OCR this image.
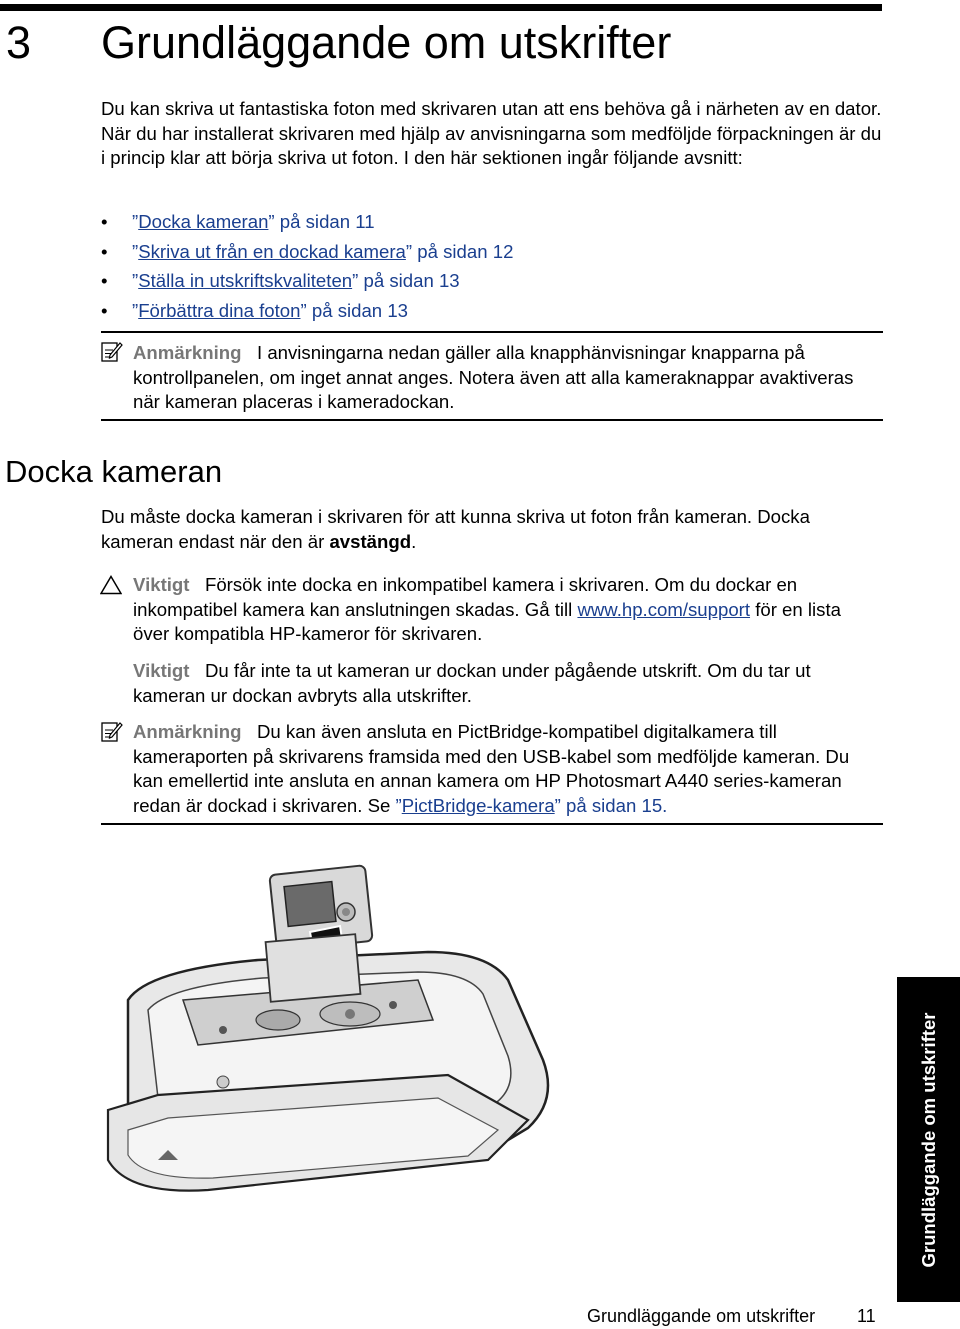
3 Grundläggande om utskrifter
Du kan skriva ut fantastiska foton med skrivaren utan att ens behöva gå i närheten av en dator. När du har installerat skrivaren med hjälp av anvisningarna som medföljde förpackningen är du i princip klar att börja skriva ut foton. I den här sektionen ingår följande avsnitt:
• ”Docka kameran” på sidan 11
• ”Skriva ut från en dockad kamera” på sidan 12
• ”Ställa in utskriftskvaliteten” på sidan 13
• ”Förbättra dina foton” på sidan 13
Anmärkning I anvisningarna nedan gäller alla knapphänvisningar knapparna på kontrollpanelen, om inget annat anges. Notera även att alla kameraknappar avaktiveras när kameran placeras i kameradockan.
Docka kameran
Du måste docka kameran i skrivaren för att kunna skriva ut foton från kameran. Docka kameran endast när den är avstängd.
Viktigt Försök inte docka en inkompatibel kamera i skrivaren. Om du dockar en inkompatibel kamera kan anslutningen skadas. Gå till www.hp.com/support för en lista över kompatibla HP-kameror för skrivaren.
Viktigt Du får inte ta ut kameran ur dockan under pågående utskrift. Om du tar ut kameran ur dockan avbryts alla utskrifter.
Anmärkning Du kan även ansluta en PictBridge-kompatibel digitalkamera till kameraporten på skrivarens framsida med den USB-kabel som medföljde kameran. Du kan emellertid inte ansluta en annan kamera om HP Photosmart A440 series-kameran redan är dockad i skrivaren. Se ”PictBridge-kamera” på sidan 15.
Grundläggande om utskrifter
Grundläggande om utskrifter 11
